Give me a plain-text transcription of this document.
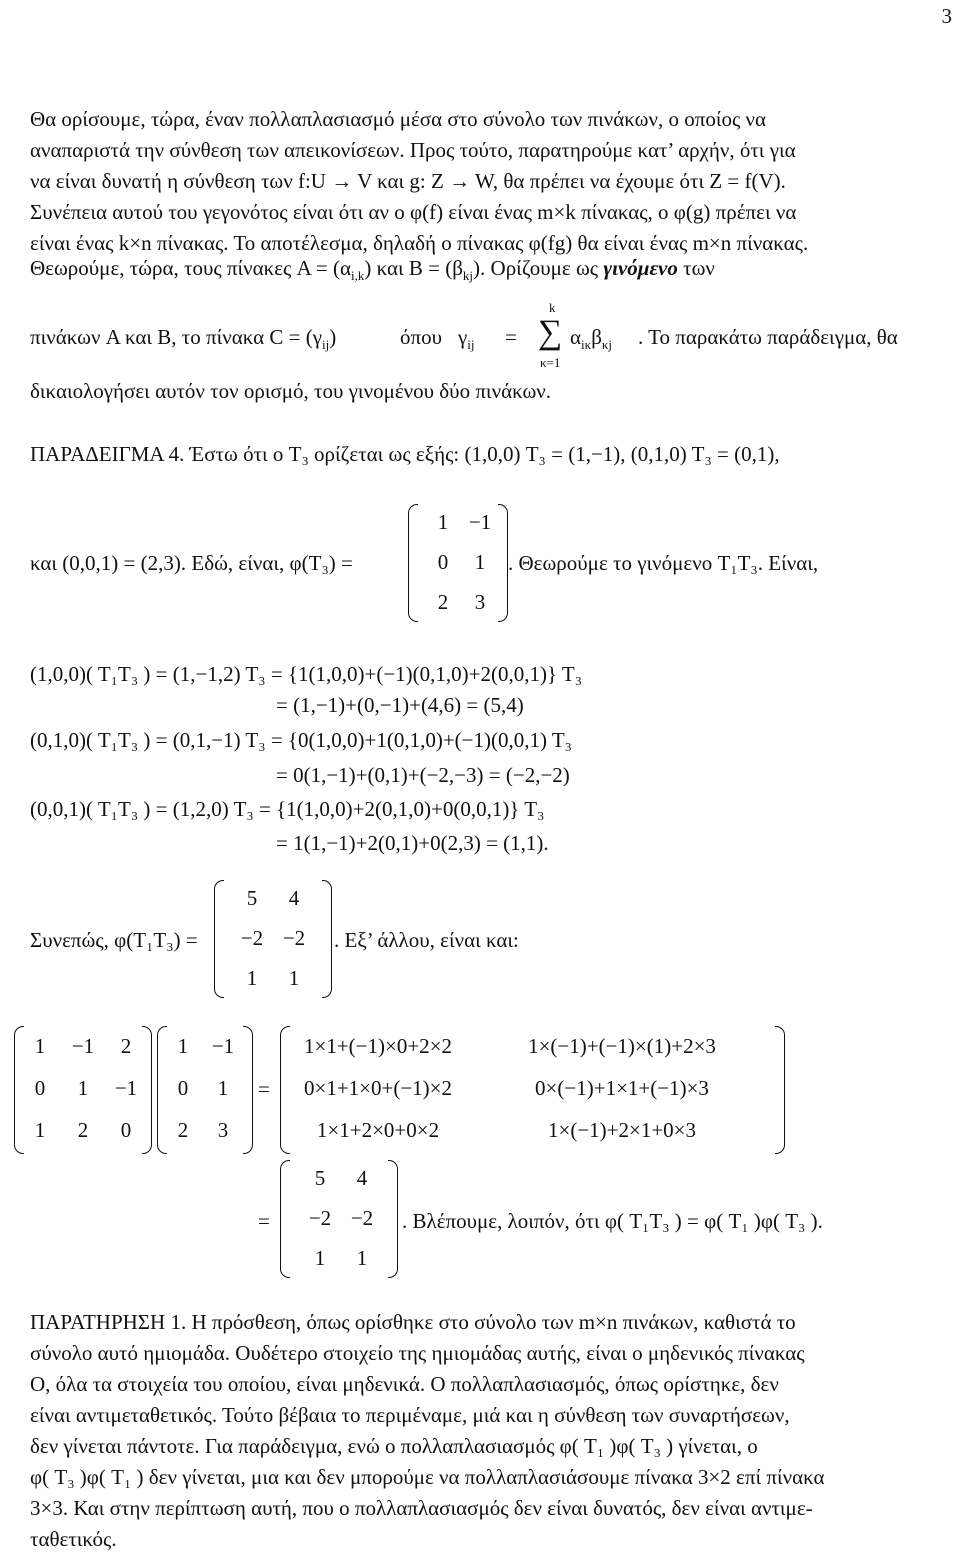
3

Θα ορίσουμε, τώρα, έναν πολλαπλασιασμό μέσα στο σύνολο των πινάκων, ο οποίος να

αναπαριστά την σύνθεση των απεικονίσεων. Προς τούτο, παρατηρούμε κατ’ αρχήν, ότι για

να είναι δυνατή η σύνθεση των f:U → V και g: Z → W, θα πρέπει να έχουμε ότι Z = f(V).

Συνέπεια αυτού του γεγονότος είναι ότι αν ο φ(f) είναι ένας m×k πίνακας, ο φ(g) πρέπει να

είναι ένας k×n πίνακας. Το αποτέλεσμα, δηλαδή ο πίνακας φ(fg) θα είναι ένας m×n πίνακας.

Θεωρούμε, τώρα, τους πίνακες $A = (\alpha_{i,k})$ και $B = (\beta_{kj})$. Ορίζουμε ως γινόμενο των
πινάκων A και B, το πίνακα $C = (\gamma_{ij})$	όπου $\gamma_{ij}$ =
k
∑
κ=1
$\alpha_{i\kappa}\beta_{\kappa j}$ . Το παρακάτω παράδειγμα, θα
δικαιολογήσει αυτόν τον ορισμό, του γινομένου δύο πινάκων.
ΠΑΡΑΔΕΙΓΜΑ 4. Έστω ότι ο T₃ ορίζεται ως εξής: (1,0,0) T₃ = (1,−1), (0,1,0) T₃ = (0,1),
και (0,0,1) = (2,3). Εδώ, είναι, φ(T₃) =
1 −1
0 1
2 3
. Θεωρούμε το γινόμενο T₁T₃. Είναι,
(1,0,0)( T₁T₃ ) = (1,−1,2) T₃ = {1(1,0,0)+(−1)(0,1,0)+2(0,0,1)} T₃
= (1,−1)+(0,−1)+(4,6) = (5,4)
(0,1,0)( T₁T₃ ) = (0,1,−1) T₃ = {0(1,0,0)+1(0,1,0)+(−1)(0,0,1) T₃
= 0(1,−1)+(0,1)+(−2,−3) = (−2,−2)
(0,0,1)( T₁T₃ ) = (1,2,0) T₃ = {1(1,0,0)+2(0,1,0)+0(0,0,1)} T₃
= 1(1,−1)+2(0,1)+0(2,3) = (1,1).
Συνεπώς, φ(T₁T₃) =
5 4
−2 −2
1 1
. Εξ’ άλλου, είναι και:
1 −1 2
0 1 −1
1 2 0
1 −1
0 1
2 3
=
1×1+(−1)×0+2×2	1×(−1)+(−1)×(1)+2×3
0×1+1×0+(−1)×2	0×(−1)+1×1+(−1)×3
1×1+2×0+0×2	1×(−1)+2×1+0×3
=
5 4
−2 −2
1 1
. Βλέπουμε, λοιπόν, ότι φ( T₁T₃ ) = φ( T₁ )φ( T₃ ).

ΠΑΡΑΤΗΡΗΣΗ 1. Η πρόσθεση, όπως ορίσθηκε στο σύνολο των m×n πινάκων, καθιστά το

σύνολο αυτό ημιομάδα. Ουδέτερο στοιχείο της ημιομάδας αυτής, είναι ο μηδενικός πίνακας

O, όλα τα στοιχεία του οποίου, είναι μηδενικά. Ο πολλαπλασιασμός, όπως ορίστηκε, δεν

είναι αντιμεταθετικός. Τούτο βέβαια το περιμέναμε, μιά και η σύνθεση των συναρτήσεων,

δεν γίνεται πάντοτε. Για παράδειγμα, ενώ ο πολλαπλασιασμός φ( T₁ )φ( T₃ ) γίνεται, ο

φ( T₃ )φ( T₁ ) δεν γίνεται, μια και δεν μπορούμε να πολλαπλασιάσουμε πίνακα 3×2 επί πίνακα

3×3. Και στην περίπτωση αυτή, που ο πολλαπλασιασμός δεν είναι δυνατός, δεν είναι αντιμε-

ταθετικός.
